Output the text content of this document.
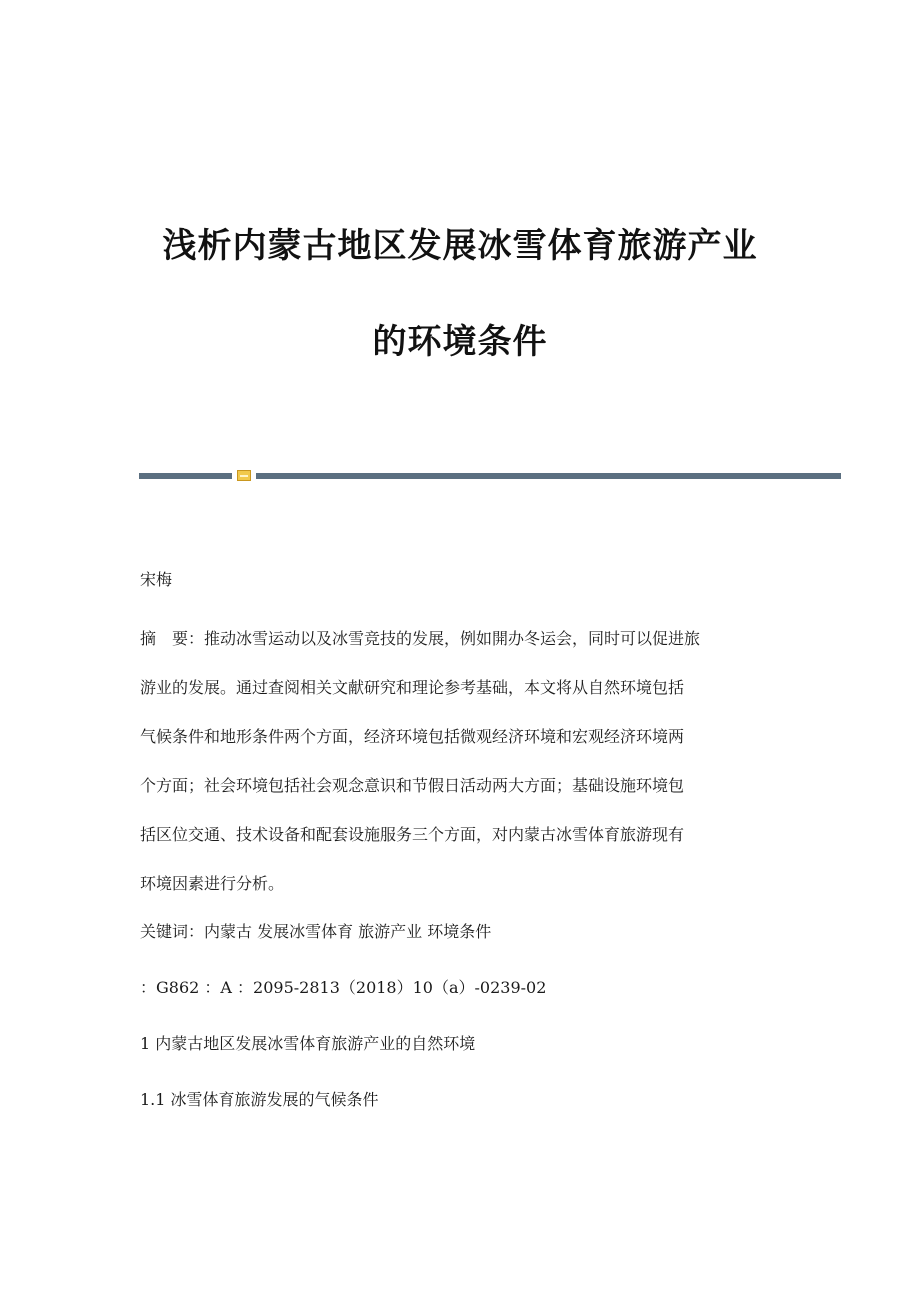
浅析内蒙古地区发展冰雪体育旅游产业
的环境条件

宋梅

摘　要：推动冰雪运动以及冰雪竞技的发展，例如開办冬运会，同时可以促进旅
游业的发展。通过查阅相关文献研究和理论参考基础，本文将从自然环境包括
气候条件和地形条件两个方面，经济环境包括微观经济环境和宏观经济环境两
个方面；社会环境包括社会观念意识和节假日活动两大方面；基础设施环境包
括区位交通、技术设备和配套设施服务三个方面，对内蒙古冰雪体育旅游现有
环境因素进行分析。

关键词：内蒙古 发展冰雪体育 旅游产业 环境条件

：G862 ：A ：2095-2813（2018）10（a）-0239-02

1 内蒙古地区发展冰雪体育旅游产业的自然环境

1.1 冰雪体育旅游发展的气候条件
